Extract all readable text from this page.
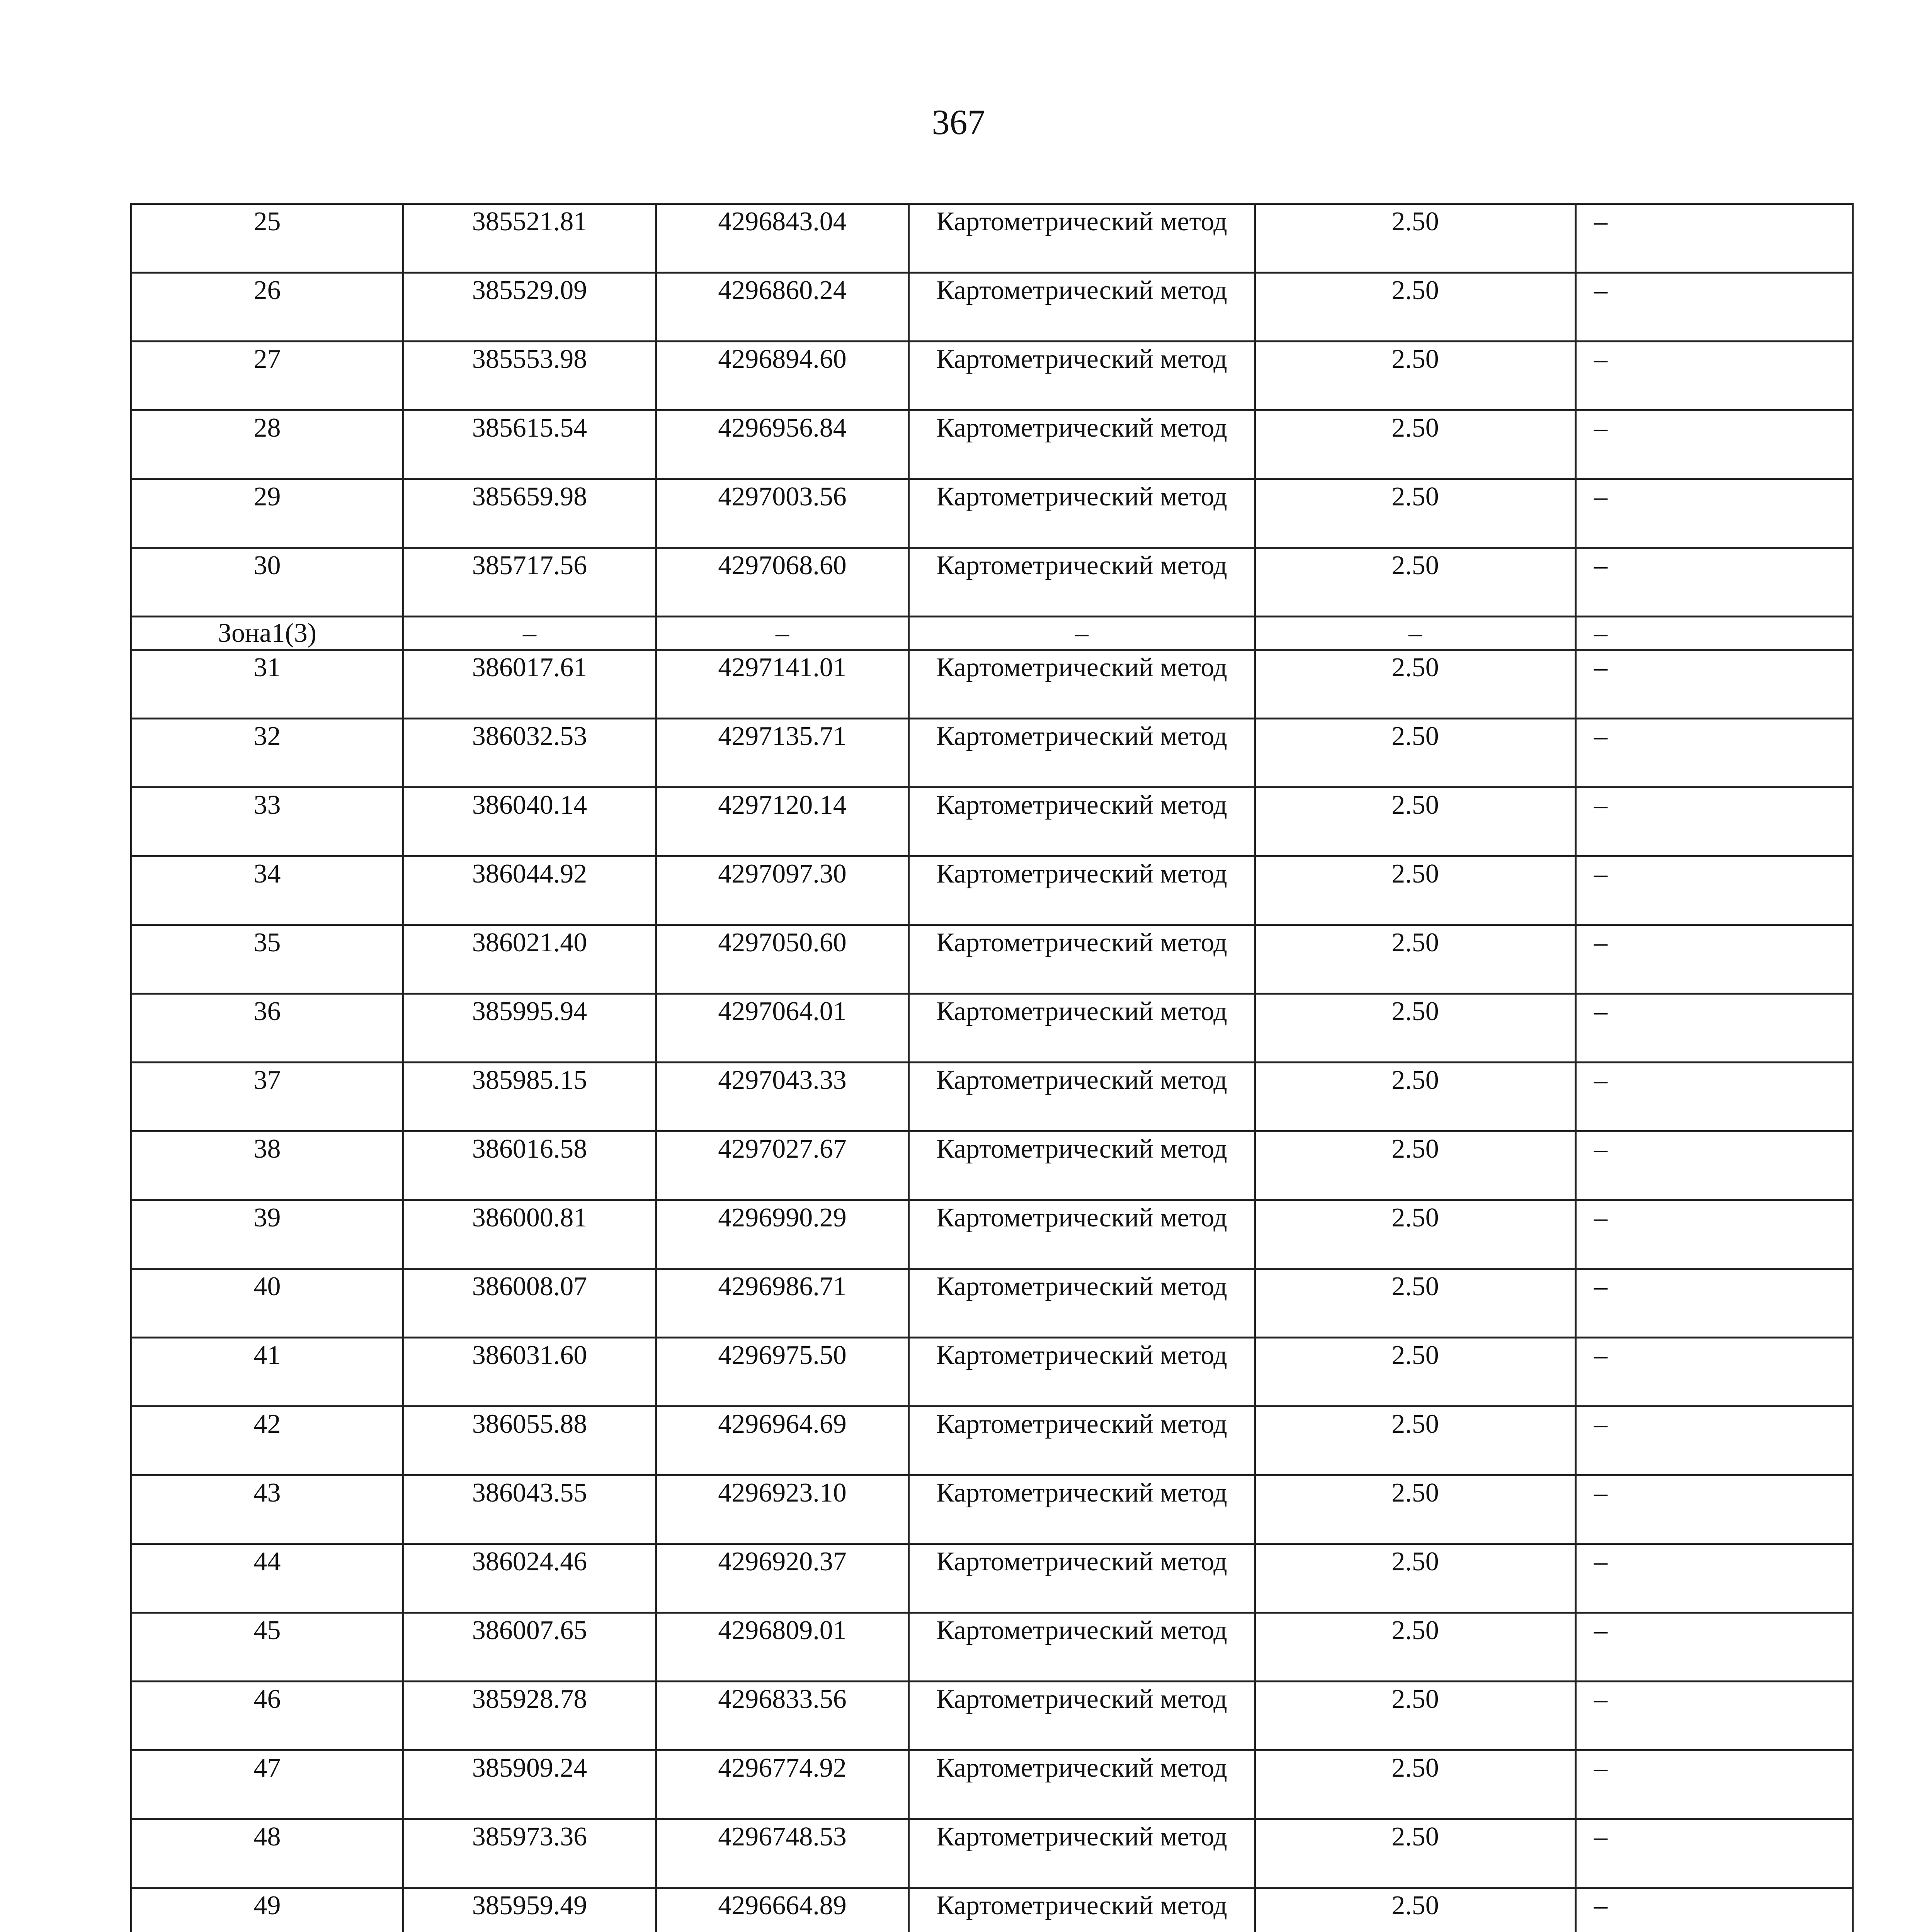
367
25	385521.81	4296843.04	Картометрический метод	2.50	–
26	385529.09	4296860.24	Картометрический метод	2.50	–
27	385553.98	4296894.60	Картометрический метод	2.50	–
28	385615.54	4296956.84	Картометрический метод	2.50	–
29	385659.98	4297003.56	Картометрический метод	2.50	–
30	385717.56	4297068.60	Картометрический метод	2.50	–
Зона1(3)	–	–	–	–	–
31	386017.61	4297141.01	Картометрический метод	2.50	–
32	386032.53	4297135.71	Картометрический метод	2.50	–
33	386040.14	4297120.14	Картометрический метод	2.50	–
34	386044.92	4297097.30	Картометрический метод	2.50	–
35	386021.40	4297050.60	Картометрический метод	2.50	–
36	385995.94	4297064.01	Картометрический метод	2.50	–
37	385985.15	4297043.33	Картометрический метод	2.50	–
38	386016.58	4297027.67	Картометрический метод	2.50	–
39	386000.81	4296990.29	Картометрический метод	2.50	–
40	386008.07	4296986.71	Картометрический метод	2.50	–
41	386031.60	4296975.50	Картометрический метод	2.50	–
42	386055.88	4296964.69	Картометрический метод	2.50	–
43	386043.55	4296923.10	Картометрический метод	2.50	–
44	386024.46	4296920.37	Картометрический метод	2.50	–
45	386007.65	4296809.01	Картометрический метод	2.50	–
46	385928.78	4296833.56	Картометрический метод	2.50	–
47	385909.24	4296774.92	Картометрический метод	2.50	–
48	385973.36	4296748.53	Картометрический метод	2.50	–
49	385959.49	4296664.89	Картометрический метод	2.50	–
